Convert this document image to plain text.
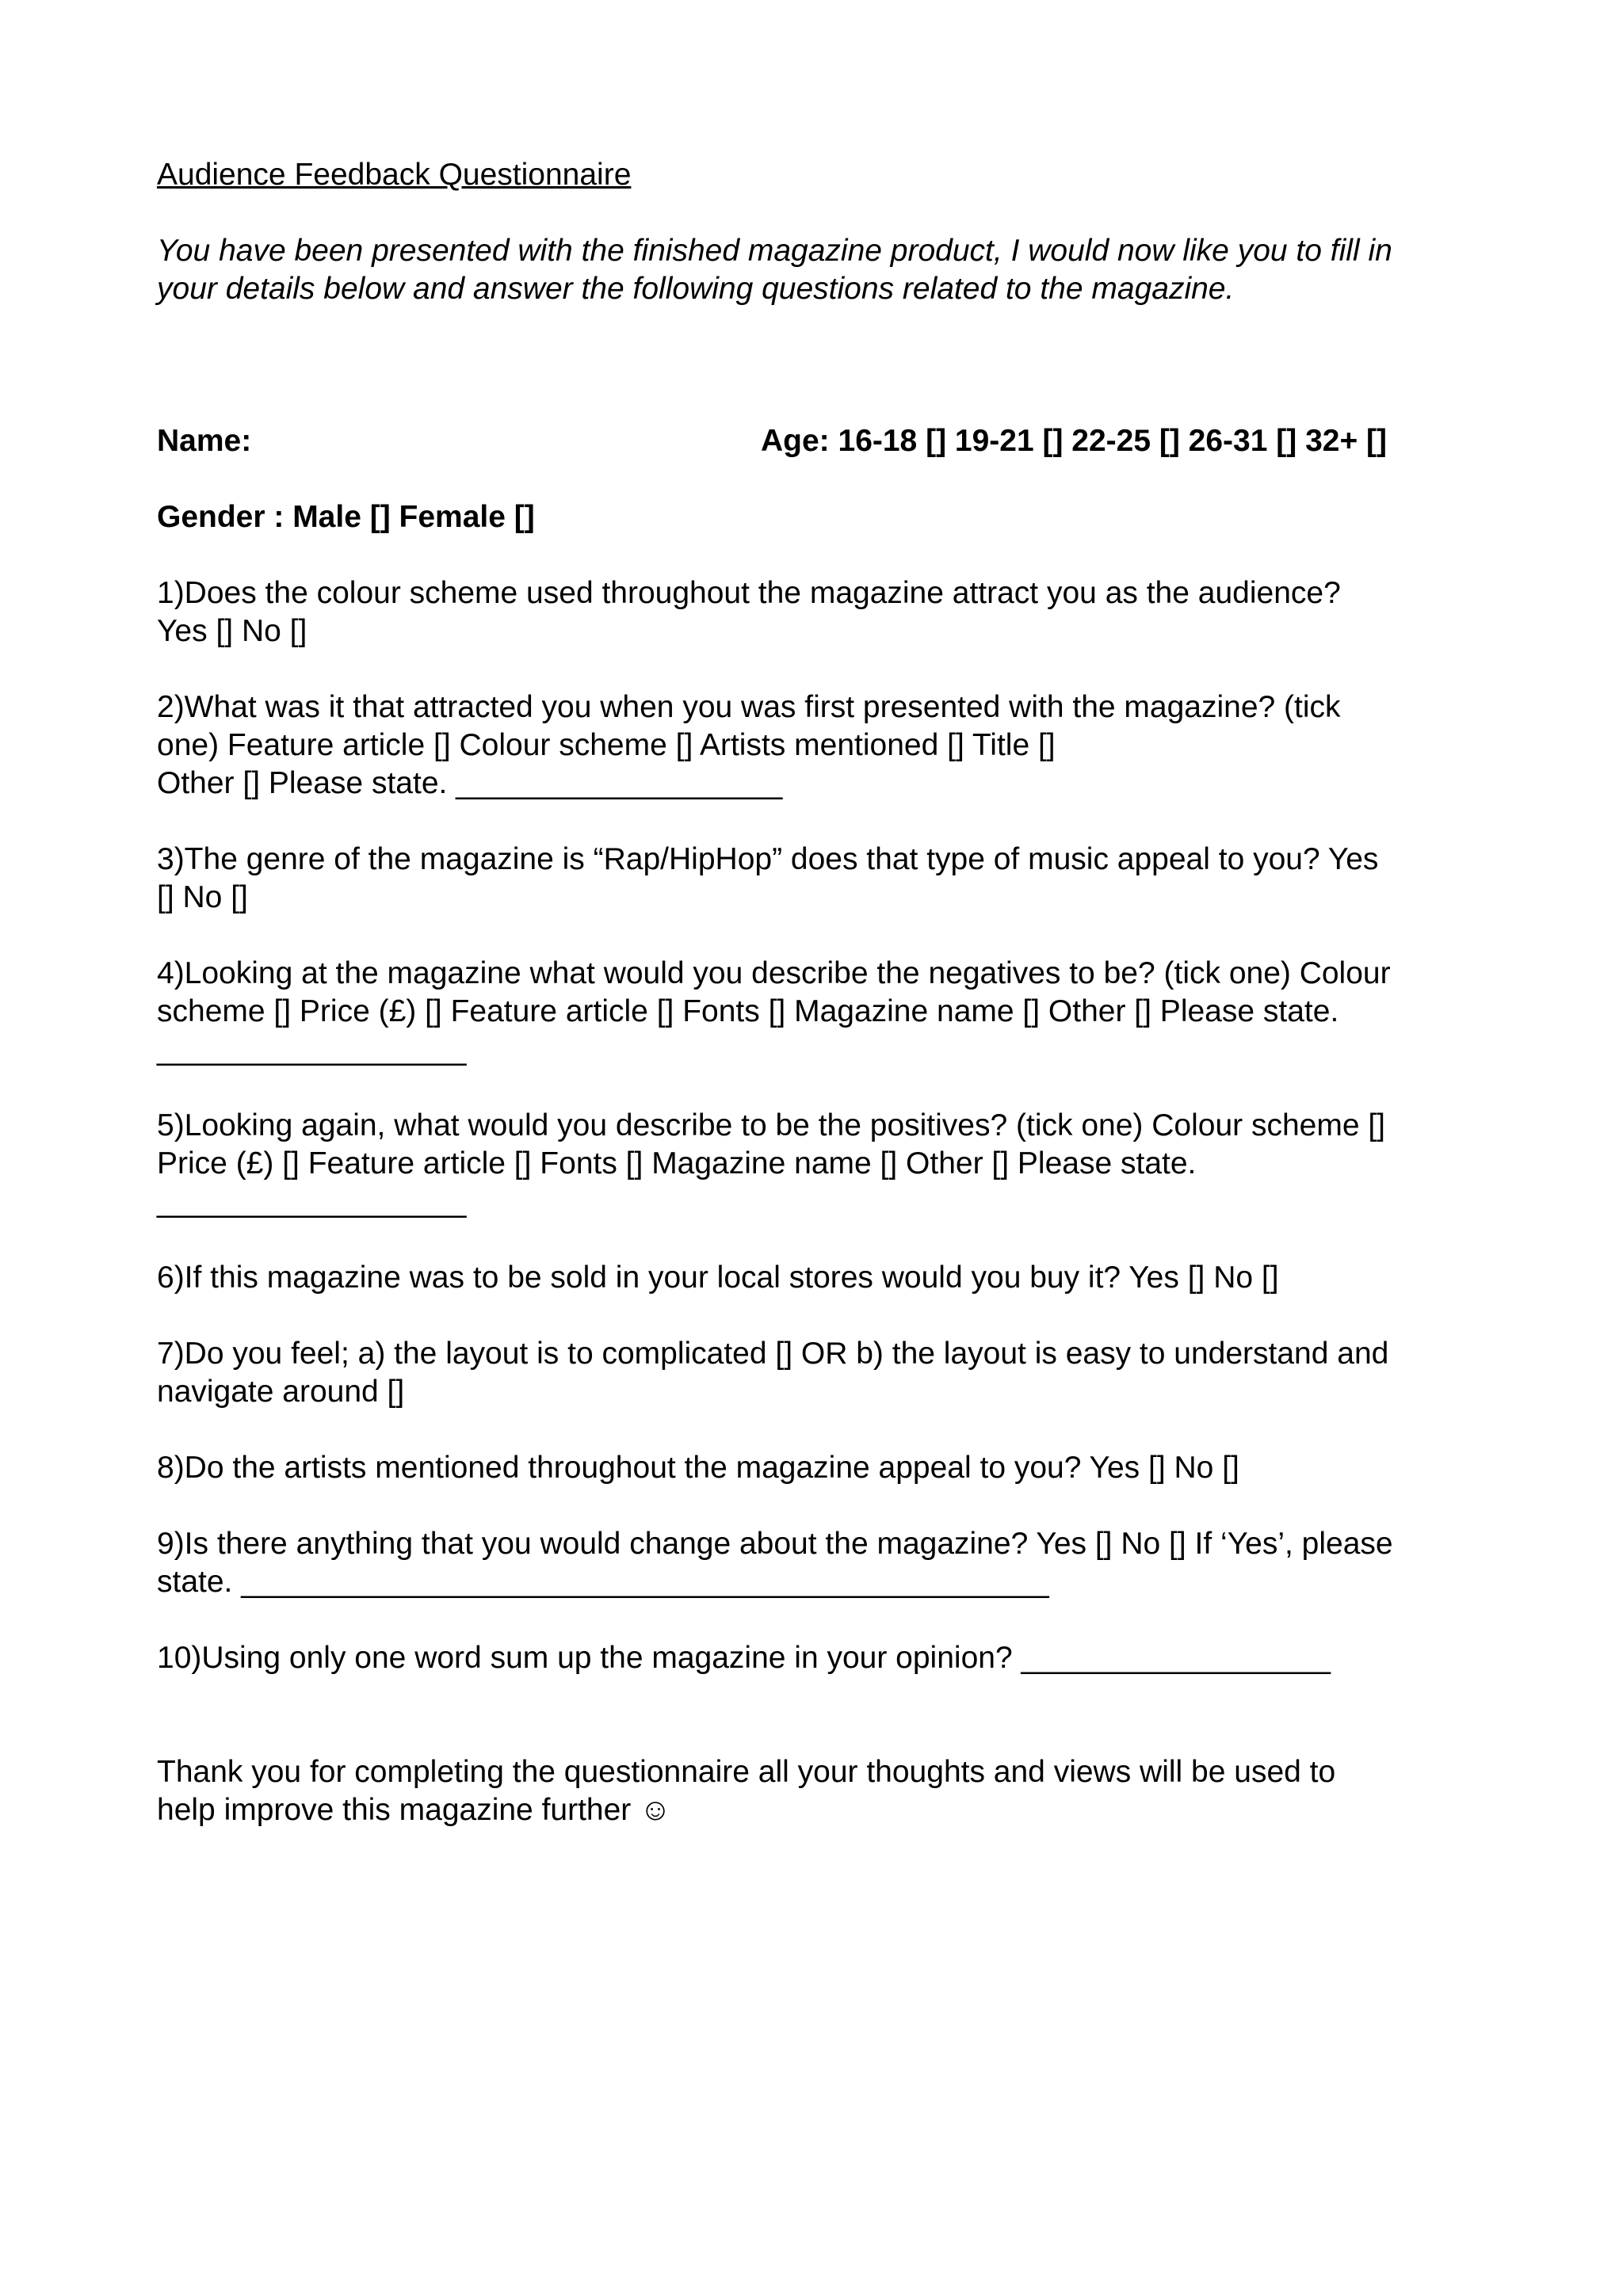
Audience Feedback Questionnaire
You have been presented with the finished magazine product, I would now like you to fill in
your details below and answer the following questions related to the magazine.
Name:	Age: 16-18 [] 19-21 [] 22-25 [] 26-31 [] 32+ []
Gender : Male [] Female []
1)Does the colour scheme used throughout the magazine attract you as the audience?
Yes [] No []
2)What was it that attracted you when you was first presented with the magazine? (tick
one) Feature article [] Colour scheme [] Artists mentioned [] Title []
Other [] Please state. ___________________
3)The genre of the magazine is “Rap/HipHop” does that type of music appeal to you? Yes
[] No []
4)Looking at the magazine what would you describe the negatives to be? (tick one) Colour
scheme [] Price (£) [] Feature article [] Fonts [] Magazine name [] Other [] Please state.
__________________
5)Looking again, what would you describe to be the positives? (tick one) Colour scheme []
Price (£) [] Feature article [] Fonts [] Magazine name [] Other [] Please state.
__________________
6)If this magazine was to be sold in your local stores would you buy it? Yes [] No []
7)Do you feel; a) the layout is to complicated [] OR b) the layout is easy to understand and
navigate around []
8)Do the artists mentioned throughout the magazine appeal to you? Yes [] No []
9)Is there anything that you would change about the magazine? Yes [] No [] If ‘Yes’, please
state. _______________________________________________
10)Using only one word sum up the magazine in your opinion? __________________
Thank you for completing the questionnaire all your thoughts and views will be used to
help improve this magazine further ☺
